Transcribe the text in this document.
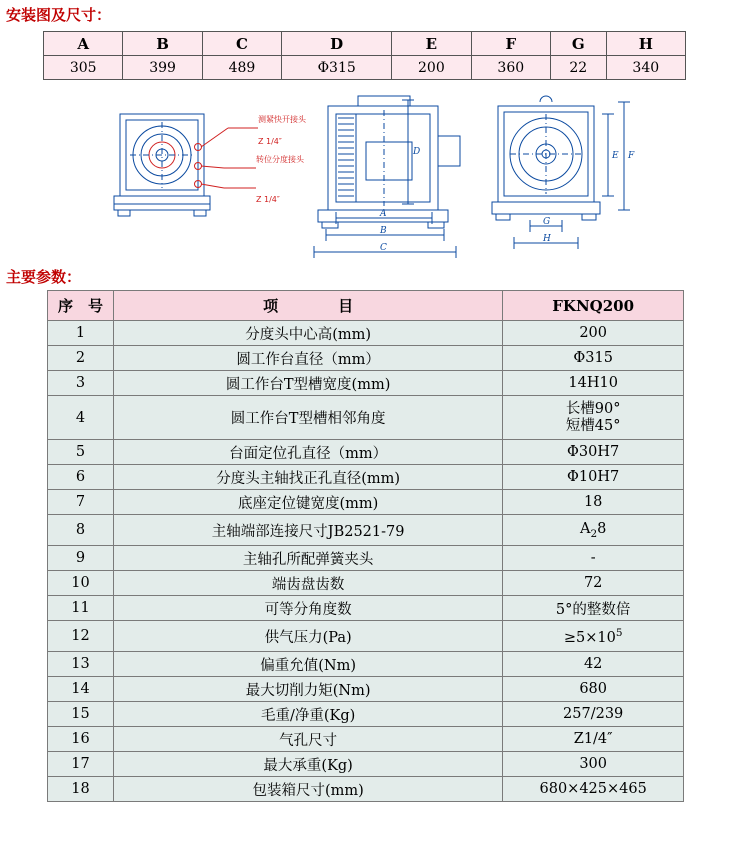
安装图及尺寸：
A	B	C	D	E	F	G	H
305	399	489	Φ315	200	360	22	340
测紧快开接头
Z 1/4″
转位分度接头
Z 1/4″
A
B
C
D	E F
G
H
主要参数：
序　号	项　　　　目	FKNQ200
1	分度头中心高(mm)	200
2	圆工作台直径（mm）	Φ315
3	圆工作台T型槽宽度(mm)	14H10
4	圆工作台T型槽相邻角度	长槽90°
短槽45°
5	台面定位孔直径（mm）	Φ30H7
6	分度头主轴找正孔直径(mm)	Φ10H7
7	底座定位键宽度(mm)	18
8	主轴端部连接尺寸JB2521-79	$A_28$
9	主轴孔所配弹簧夹头	-
10	端齿盘齿数	72
11	可等分角度数	5°的整数倍
12	供气压力(Pa)	$\ge 5\times 10^5$
13	偏重允值(Nm)	42
14	最大切削力矩(Nm)	680
15	毛重/净重(Kg)	257/239
16	气孔尺寸	Z1/4″
17	最大承重(Kg)	300
18	包装箱尺寸(mm)	680×425×465
